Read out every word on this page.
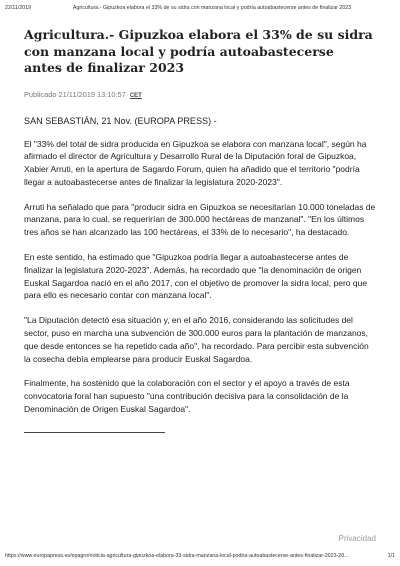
22/11/2019	Agricultura.- Gipuzkoa elabora el 33% de su sidra con manzana local y podría autoabastecerse antes de finalizar 2023
Agricultura.- Gipuzkoa elabora el 33% de su sidra con manzana local y podría autoabastecerse antes de finalizar 2023
Publicado 21/11/2019 13:10:57 CET
SAN SEBASTIÁN, 21 Nov. (EUROPA PRESS) -

El "33% del total de sidra producida en Gipuzkoa se elabora con manzana local", según ha afirmado el director de Agricultura y Desarrollo Rural de la Diputación foral de Gipuzkoa, Xabier Arruti, en la apertura de Sagardo Forum, quien ha añadido que el territorio "podría llegar a autoabastecerse antes de finalizar la legislatura 2020-2023".

Arruti ha señalado que para "producir sidra en Gipuzkoa se necesitarían 10.000 toneladas de manzana, para lo cual, se requerirían de 300.000 hectáreas de manzanal". "En los últimos tres años se han alcanzado las 100 hectáreas, el 33% de lo necesario", ha destacado.

En este sentido, ha estimado que "Gipuzkoa podría llegar a autoabastecerse antes de finalizar la legislatura 2020-2023". Además, ha recordado que "la denominación de origen Euskal Sagardoa nació en el año 2017, con el objetivo de promover la sidra local, pero que para ello es necesario contar con manzana local".

"La Diputación detectó esa situación y, en el año 2016, considerando las solicitudes del sector, puso en marcha una subvención de 300.000 euros para la plantación de manzanos, que desde entonces se ha repetido cada año", ha recordado. Para percibir esta subvención la cosecha debía emplearse para producir Euskal Sagardoa.

Finalmente, ha sostenido que la colaboración con el sector y el apoyo a través de esta convocatoria foral han supuesto "una contribución decisiva para la consolidación de la Denominación de Origen Euskal Sagardoa".

Privacidad
https://www.europapress.es/epagro/noticia-agricultura-gipuzkoa-elabora-33-sidra-manzana-local-podria-autoabastecerse-antes-finalizar-2023-20...	1/1
